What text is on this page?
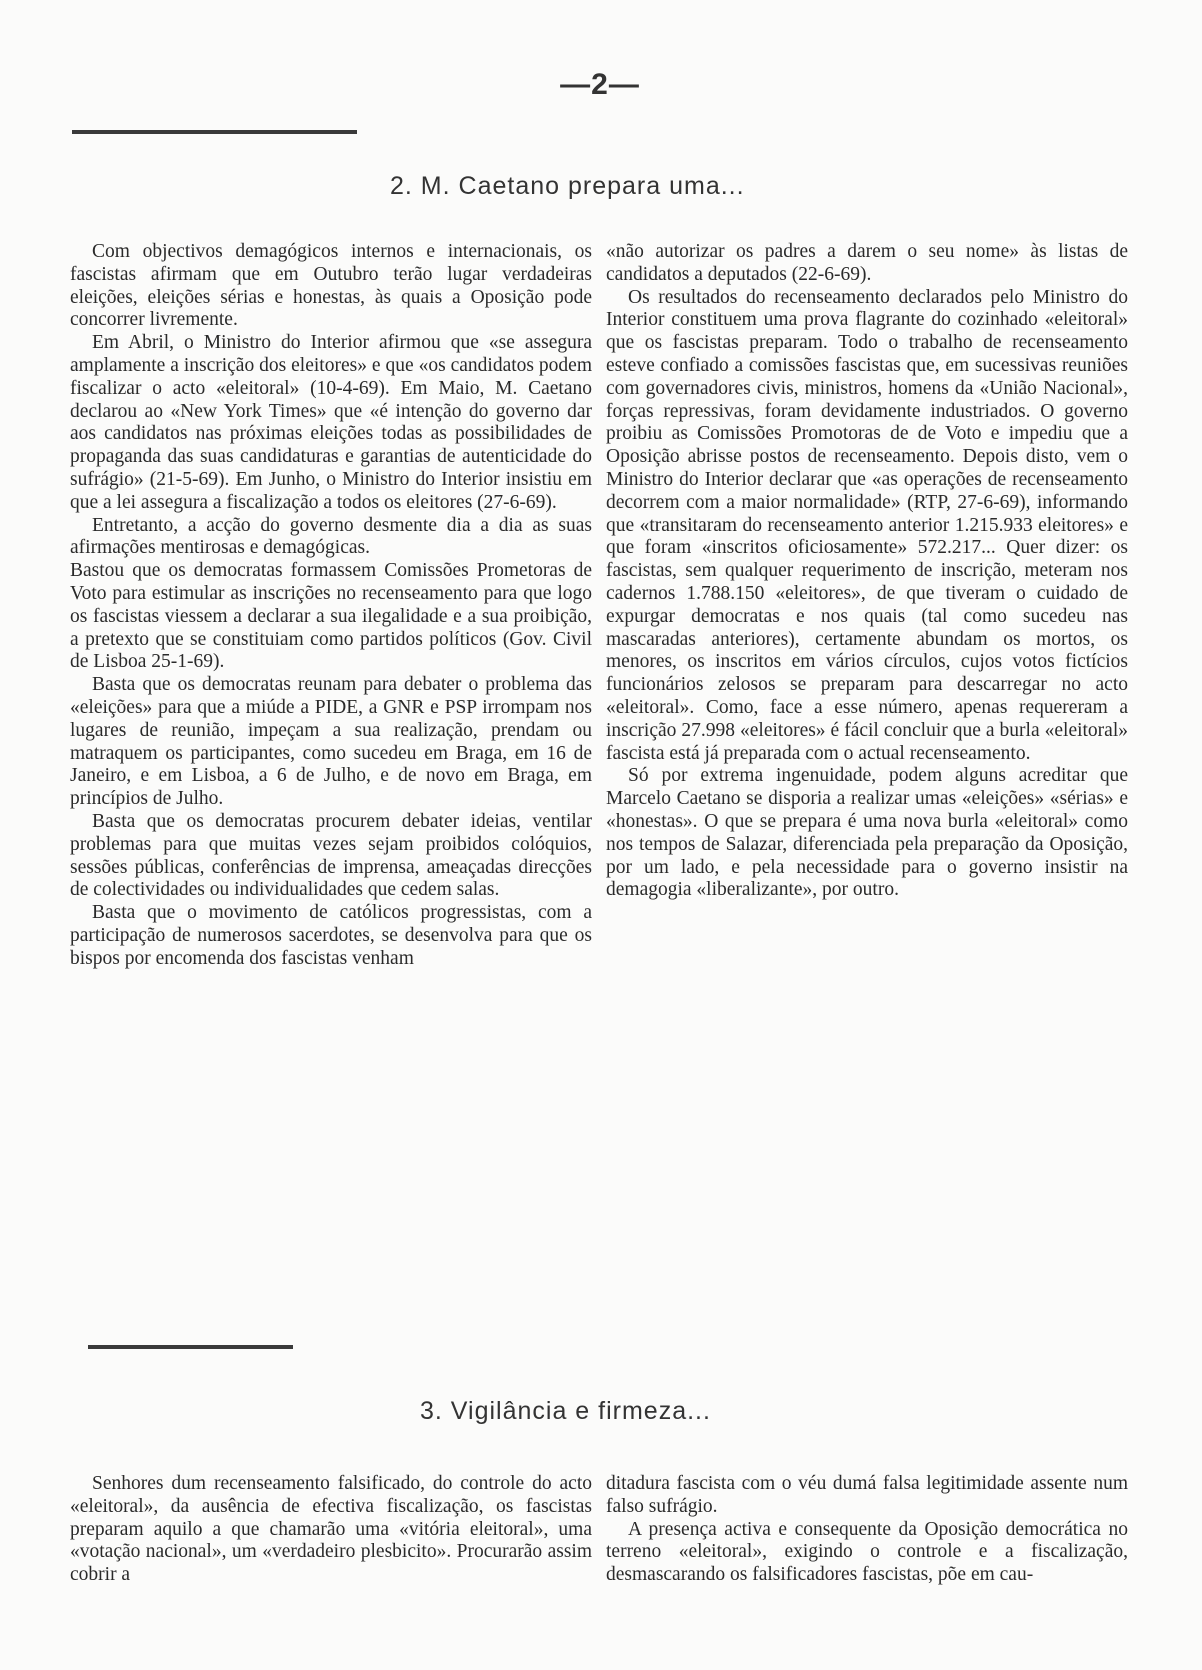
—2—
2. M. Caetano prepara uma...

Com objectivos demagógicos internos e internacionais, os fascistas afirmam que em Outubro terão lugar verdadeiras eleições, eleições sérias e honestas, às quais a Oposição pode concorrer livremente.

Em Abril, o Ministro do Interior afirmou que «se assegura amplamente a inscrição dos eleitores» e que «os candidatos podem fiscalizar o acto «eleitoral» (10-4-69). Em Maio, M. Caetano declarou ao «New York Times» que «é intenção do governo dar aos candidatos nas próximas eleições todas as possibilidades de propaganda das suas candidaturas e garantias de autenticidade do sufrágio» (21-5-69). Em Junho, o Ministro do Interior insistiu em que a lei assegura a fiscalização a todos os eleitores (27-6-69).

Entretanto, a acção do governo desmente dia a dia as suas afirmações mentirosas e demagógicas.

Bastou que os democratas formassem Comissões Prometoras de Voto para estimular as inscrições no recenseamento para que logo os fascistas viessem a declarar a sua ilegalidade e a sua proibição, a pretexto que se constituiam como partidos políticos (Gov. Civil de Lisboa 25-1-69).

Basta que os democratas reunam para debater o problema das «eleições» para que a miúde a PIDE, a GNR e PSP irrompam nos lugares de reunião, impeçam a sua realização, prendam ou matraquem os participantes, como sucedeu em Braga, em 16 de Janeiro, e em Lisboa, a 6 de Julho, e de novo em Braga, em princípios de Julho.

Basta que os democratas procurem debater ideias, ventilar problemas para que muitas vezes sejam proibidos colóquios, sessões públicas, conferências de imprensa, ameaçadas direcções de colectividades ou individualidades que cedem salas.

Basta que o movimento de católicos progressistas, com a participação de numerosos sacerdotes, se desenvolva para que os bispos por encomenda dos fascistas venham

«não autorizar os padres a darem o seu nome» às listas de candidatos a deputados (22-6-69).

Os resultados do recenseamento declarados pelo Ministro do Interior constituem uma prova flagrante do cozinhado «eleitoral» que os fascistas preparam. Todo o trabalho de recenseamento esteve confiado a comissões fascistas que, em sucessivas reuniões com governadores civis, ministros, homens da «União Nacional», forças repressivas, foram devidamente industriados. O governo proibiu as Comissões Promotoras de de Voto e impediu que a Oposição abrisse postos de recenseamento. Depois disto, vem o Ministro do Interior declarar que «as operações de recenseamento decorrem com a maior normalidade» (RTP, 27-6-69), informando que «transitaram do recenseamento anterior 1.215.933 eleitores» e que foram «inscritos oficiosamente» 572.217... Quer dizer: os fascistas, sem qualquer requerimento de inscrição, meteram nos cadernos 1.788.150 «eleitores», de que tiveram o cuidado de expurgar democratas e nos quais (tal como sucedeu nas mascaradas anteriores), certamente abundam os mortos, os menores, os inscritos em vários círculos, cujos votos fictícios funcionários zelosos se preparam para descarregar no acto «eleitoral». Como, face a esse número, apenas requereram a inscrição 27.998 «eleitores» é fácil concluir que a burla «eleitoral» fascista está já preparada com o actual recenseamento.

Só por extrema ingenuidade, podem alguns acreditar que Marcelo Caetano se disporia a realizar umas «eleições» «sérias» e «honestas». O que se prepara é uma nova burla «eleitoral» como nos tempos de Salazar, diferenciada pela preparação da Oposição, por um lado, e pela necessidade para o governo insistir na demagogia «liberalizante», por outro.

3. Vigilância e firmeza...

Senhores dum recenseamento falsificado, do controle do acto «eleitoral», da ausência de efectiva fiscalização, os fascistas preparam aquilo a que chamarão uma «vitória eleitoral», uma «votação nacional», um «verdadeiro plesbicito». Procurarão assim cobrir a

ditadura fascista com o véu dumá falsa legitimidade assente num falso sufrágio.

A presença activa e consequente da Oposição democrática no terreno «eleitoral», exigindo o controle e a fiscalização, desmascarando os falsificadores fascistas, põe em cau-
